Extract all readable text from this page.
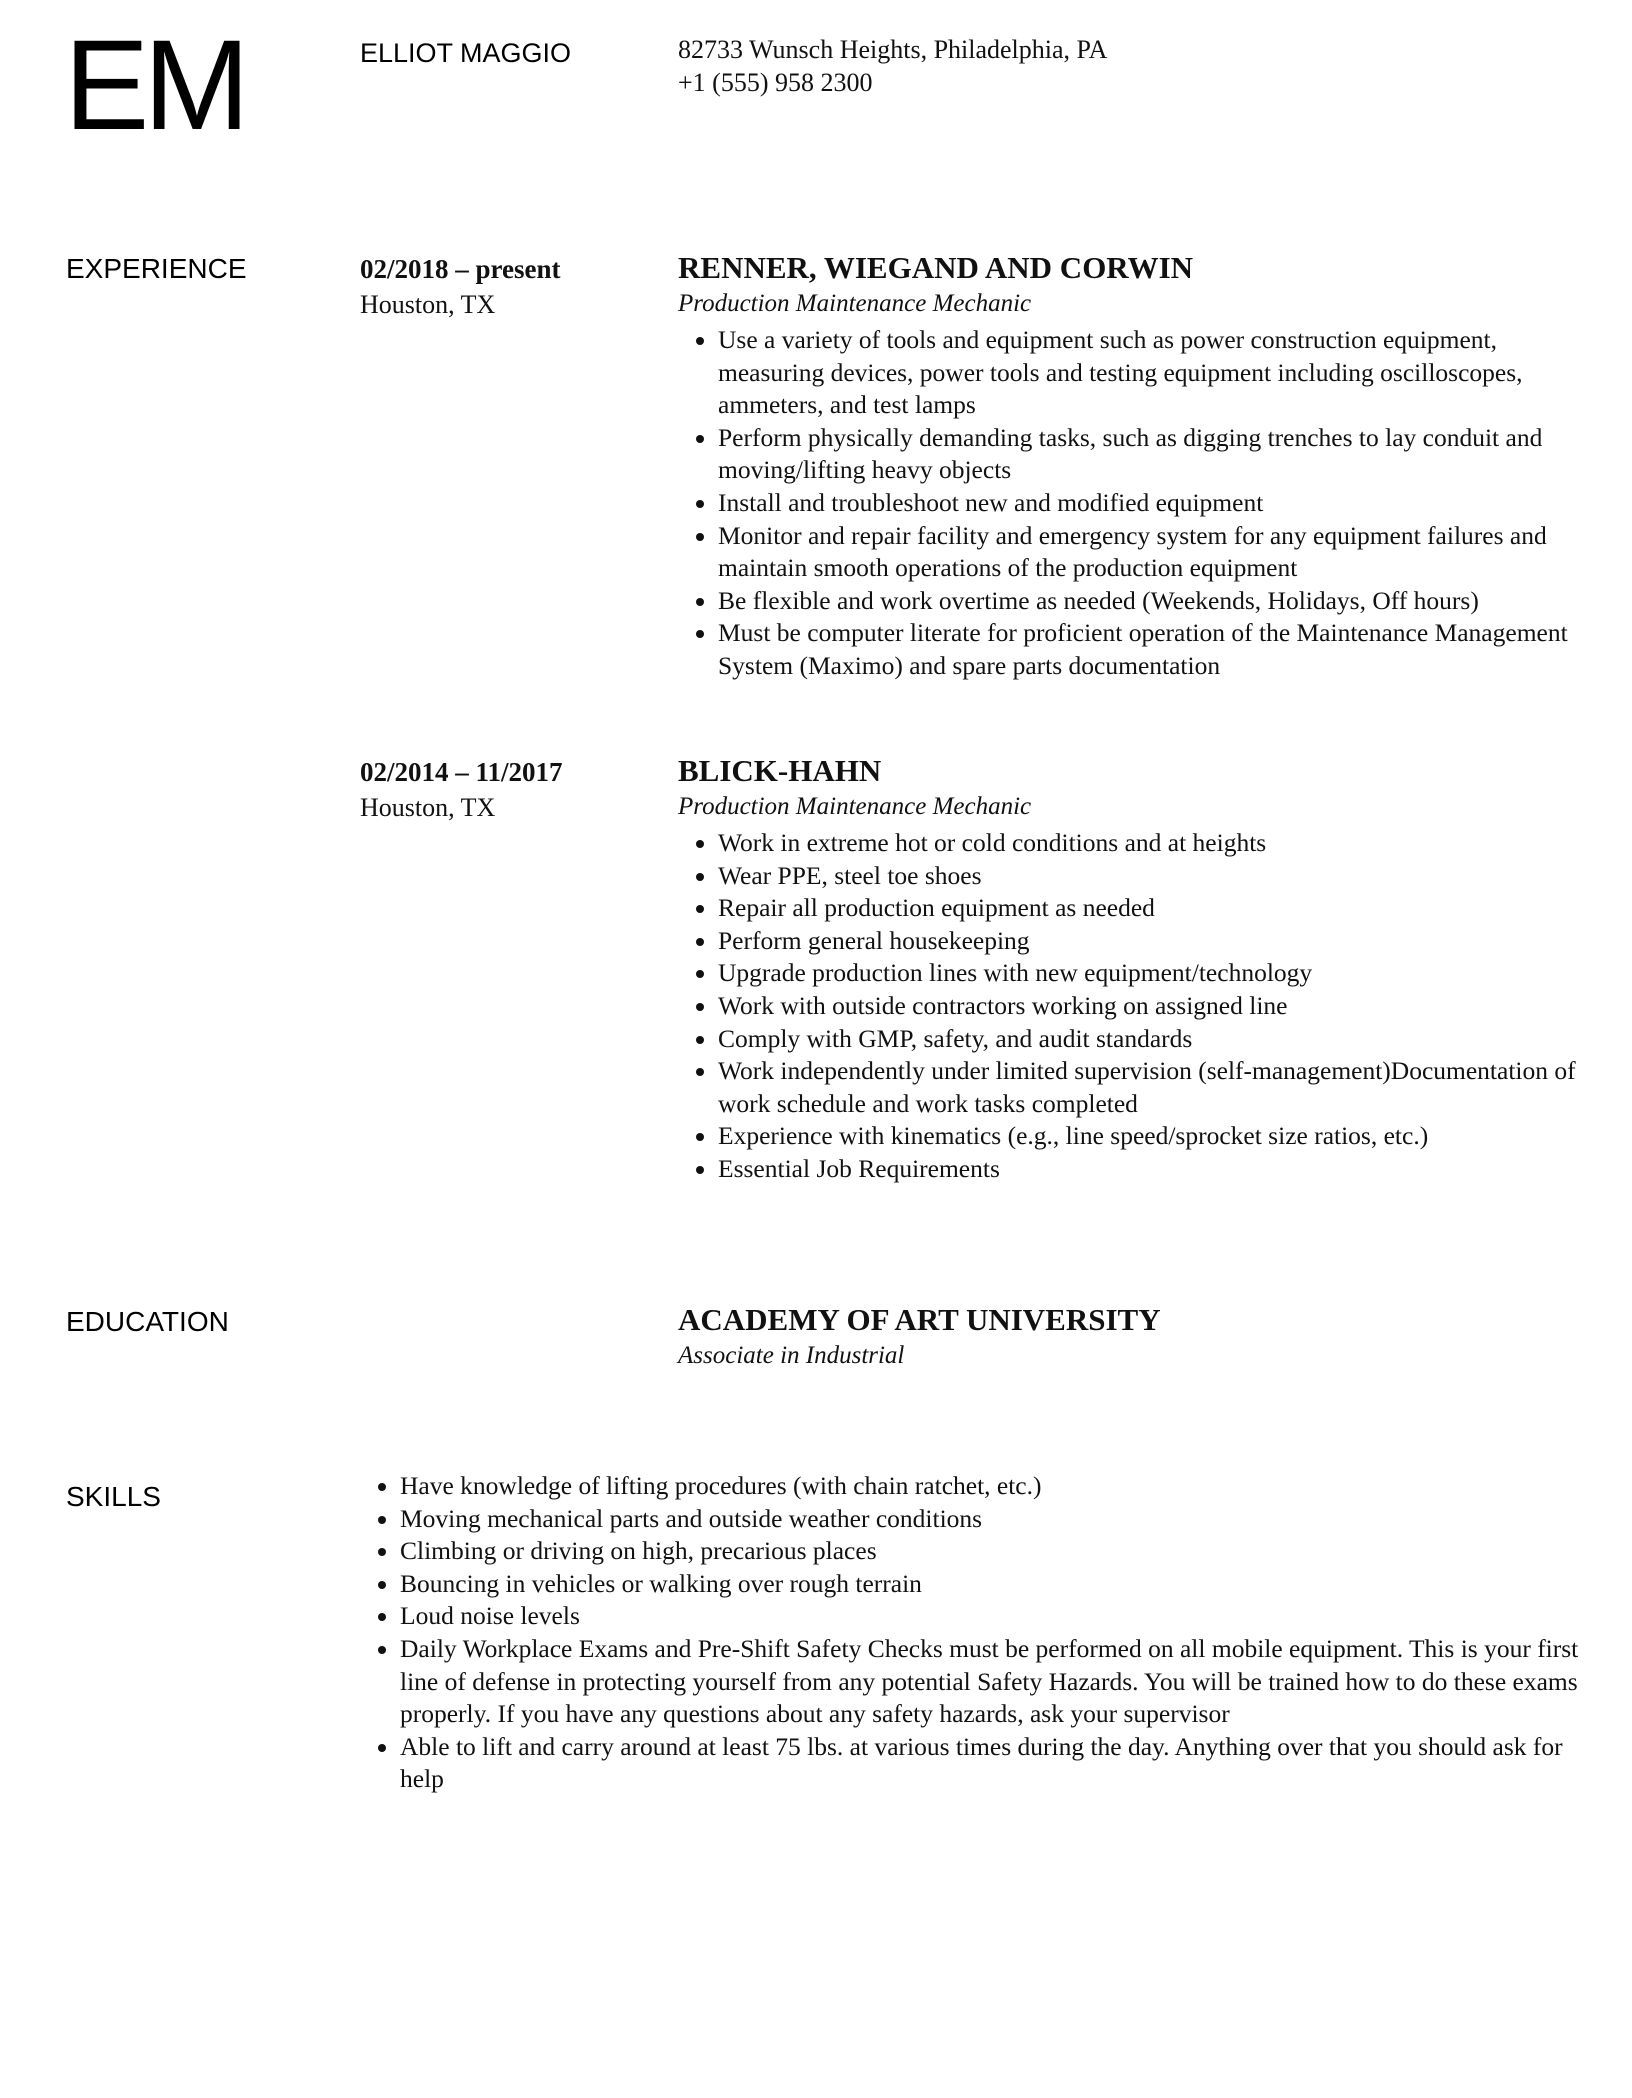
EM	ELLIOT MAGGIO	82733 Wunsch Heights, Philadelphia, PA
+1 (555) 958 2300
EXPERIENCE	02/2018 – present
Houston, TX
RENNER, WIEGAND AND CORWIN
Production Maintenance Mechanic
• Use a variety of tools and equipment such as power construction equipment, measuring devices, power tools and testing equipment including oscilloscopes, ammeters, and test lamps
• Perform physically demanding tasks, such as digging trenches to lay conduit and moving/lifting heavy objects
• Install and troubleshoot new and modified equipment
• Monitor and repair facility and emergency system for any equipment failures and maintain smooth operations of the production equipment
• Be flexible and work overtime as needed (Weekends, Holidays, Off hours)
• Must be computer literate for proficient operation of the Maintenance Management System (Maximo) and spare parts documentation
02/2014 – 11/2017
Houston, TX
BLICK-HAHN
Production Maintenance Mechanic
• Work in extreme hot or cold conditions and at heights
• Wear PPE, steel toe shoes
• Repair all production equipment as needed
• Perform general housekeeping
• Upgrade production lines with new equipment/technology
• Work with outside contractors working on assigned line
• Comply with GMP, safety, and audit standards
• Work independently under limited supervision (self-management)Documentation of work schedule and work tasks completed
• Experience with kinematics (e.g., line speed/sprocket size ratios, etc.)
• Essential Job Requirements
EDUCATION	ACADEMY OF ART UNIVERSITY
Associate in Industrial
SKILLS
•	Have knowledge of lifting procedures (with chain ratchet, etc.)
• Moving mechanical parts and outside weather conditions
• Climbing or driving on high, precarious places
• Bouncing in vehicles or walking over rough terrain
• Loud noise levels
• Daily Workplace Exams and Pre-Shift Safety Checks must be performed on all mobile equipment. This is your first line of defense in protecting yourself from any potential Safety Hazards. You will be trained how to do these exams properly. If you have any questions about any safety hazards, ask your supervisor
• Able to lift and carry around at least 75 lbs. at various times during the day. Anything over that you should ask for help
